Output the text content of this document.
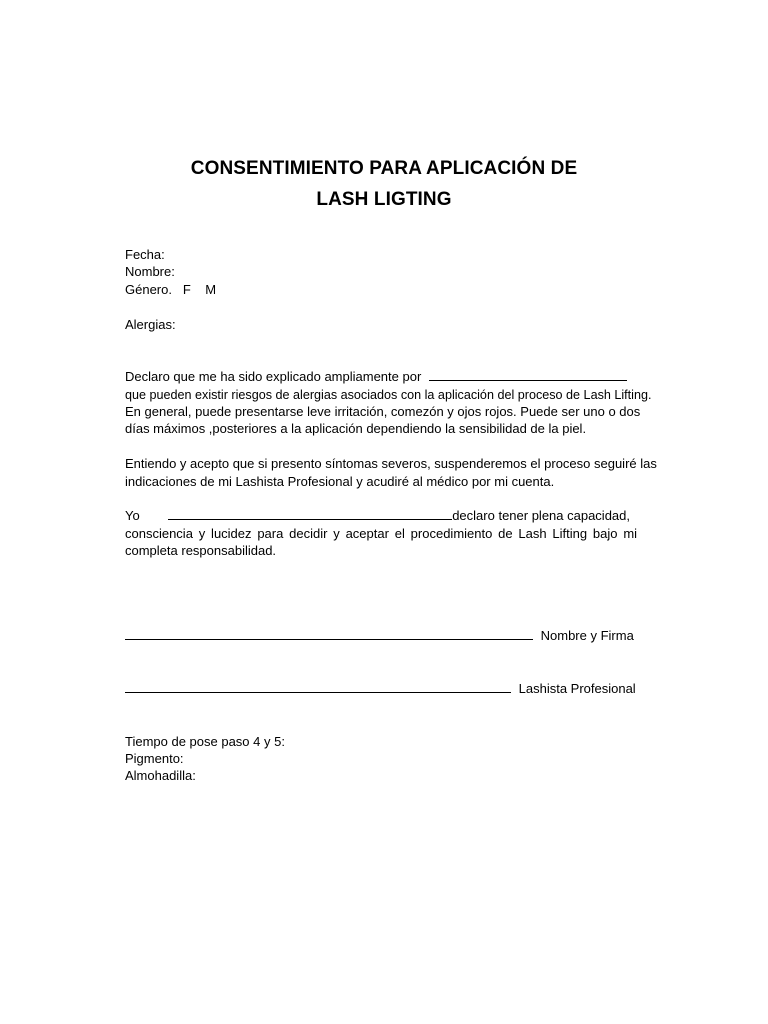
CONSENTIMIENTO PARA APLICACIÓN DE
LASH LIGTING
Fecha:
Nombre:
Género. F M
Alergias:
Declaro que me ha sido explicado ampliamente por
que pueden existir riesgos de alergias asociados con la aplicación del proceso de Lash Lifting.
En general, puede presentarse leve irritación, comezón y ojos rojos. Puede ser uno o dos
días máximos ,posteriores a la aplicación dependiendo la sensibilidad de la piel.
Entiendo y acepto que si presento síntomas severos, suspenderemos el proceso seguiré las
indicaciones de mi Lashista Profesional y acudiré al médico por mi cuenta.
Yo	declaro tener plena capacidad,
consciencia y lucidez para decidir y aceptar el procedimiento de Lash Lifting bajo mi
completa responsabilidad.
Nombre y Firma
Lashista Profesional
Tiempo de pose paso 4 y 5:
Pigmento:
Almohadilla:
